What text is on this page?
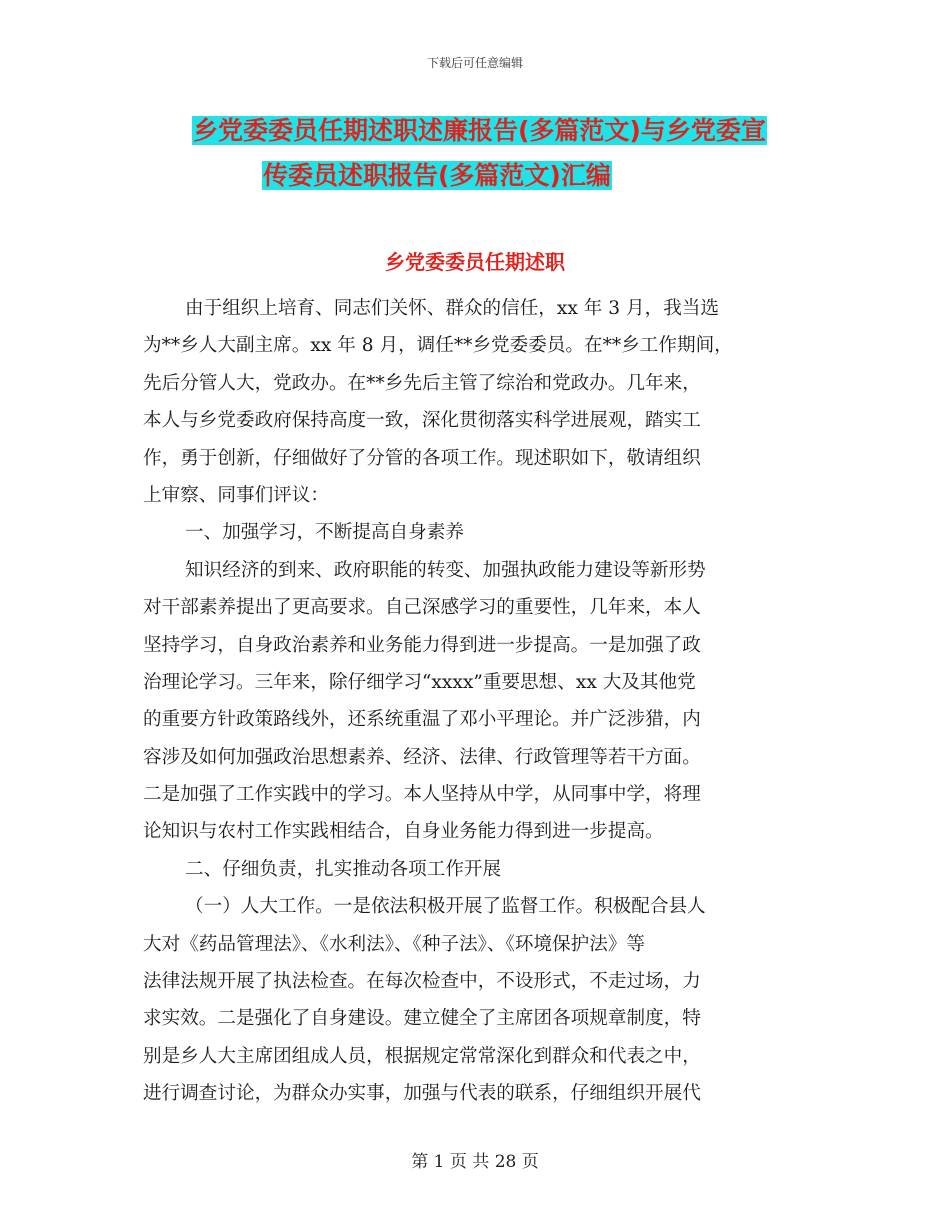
下载后可任意编辑
乡党委委员任期述职述廉报告(多篇范文)与乡党委宣
传委员述职报告(多篇范文)汇编
乡党委委员任期述职
由于组织上培育、同志们关怀、群众的信任，xx 年 3 月，我当选
为**乡人大副主席。xx 年 8 月，调任**乡党委委员。在**乡工作期间，
先后分管人大，党政办。在**乡先后主管了综治和党政办。几年来，
本人与乡党委政府保持高度一致，深化贯彻落实科学进展观，踏实工
作，勇于创新，仔细做好了分管的各项工作。现述职如下，敬请组织
上审察、同事们评议：
一、加强学习，不断提高自身素养
知识经济的到来、政府职能的转变、加强执政能力建设等新形势
对干部素养提出了更高要求。自己深感学习的重要性，几年来，本人
坚持学习，自身政治素养和业务能力得到进一步提高。一是加强了政
治理论学习。三年来，除仔细学习“xxxx”重要思想、xx 大及其他党
的重要方针政策路线外，还系统重温了邓小平理论。并广泛涉猎，内
容涉及如何加强政治思想素养、经济、法律、行政管理等若干方面。
二是加强了工作实践中的学习。本人坚持从中学，从同事中学，将理
论知识与农村工作实践相结合，自身业务能力得到进一步提高。
二、仔细负责，扎实推动各项工作开展
（一）人大工作。一是依法积极开展了监督工作。积极配合县人
大对《药品管理法》、《水利法》、《种子法》、《环境保护法》等
法律法规开展了执法检查。在每次检查中，不设形式，不走过场，力
求实效。二是强化了自身建设。建立健全了主席团各项规章制度，特
别是乡人大主席团组成人员，根据规定常常深化到群众和代表之中，
进行调查讨论，为群众办实事，加强与代表的联系，仔细组织开展代
第 1 页 共 28 页
